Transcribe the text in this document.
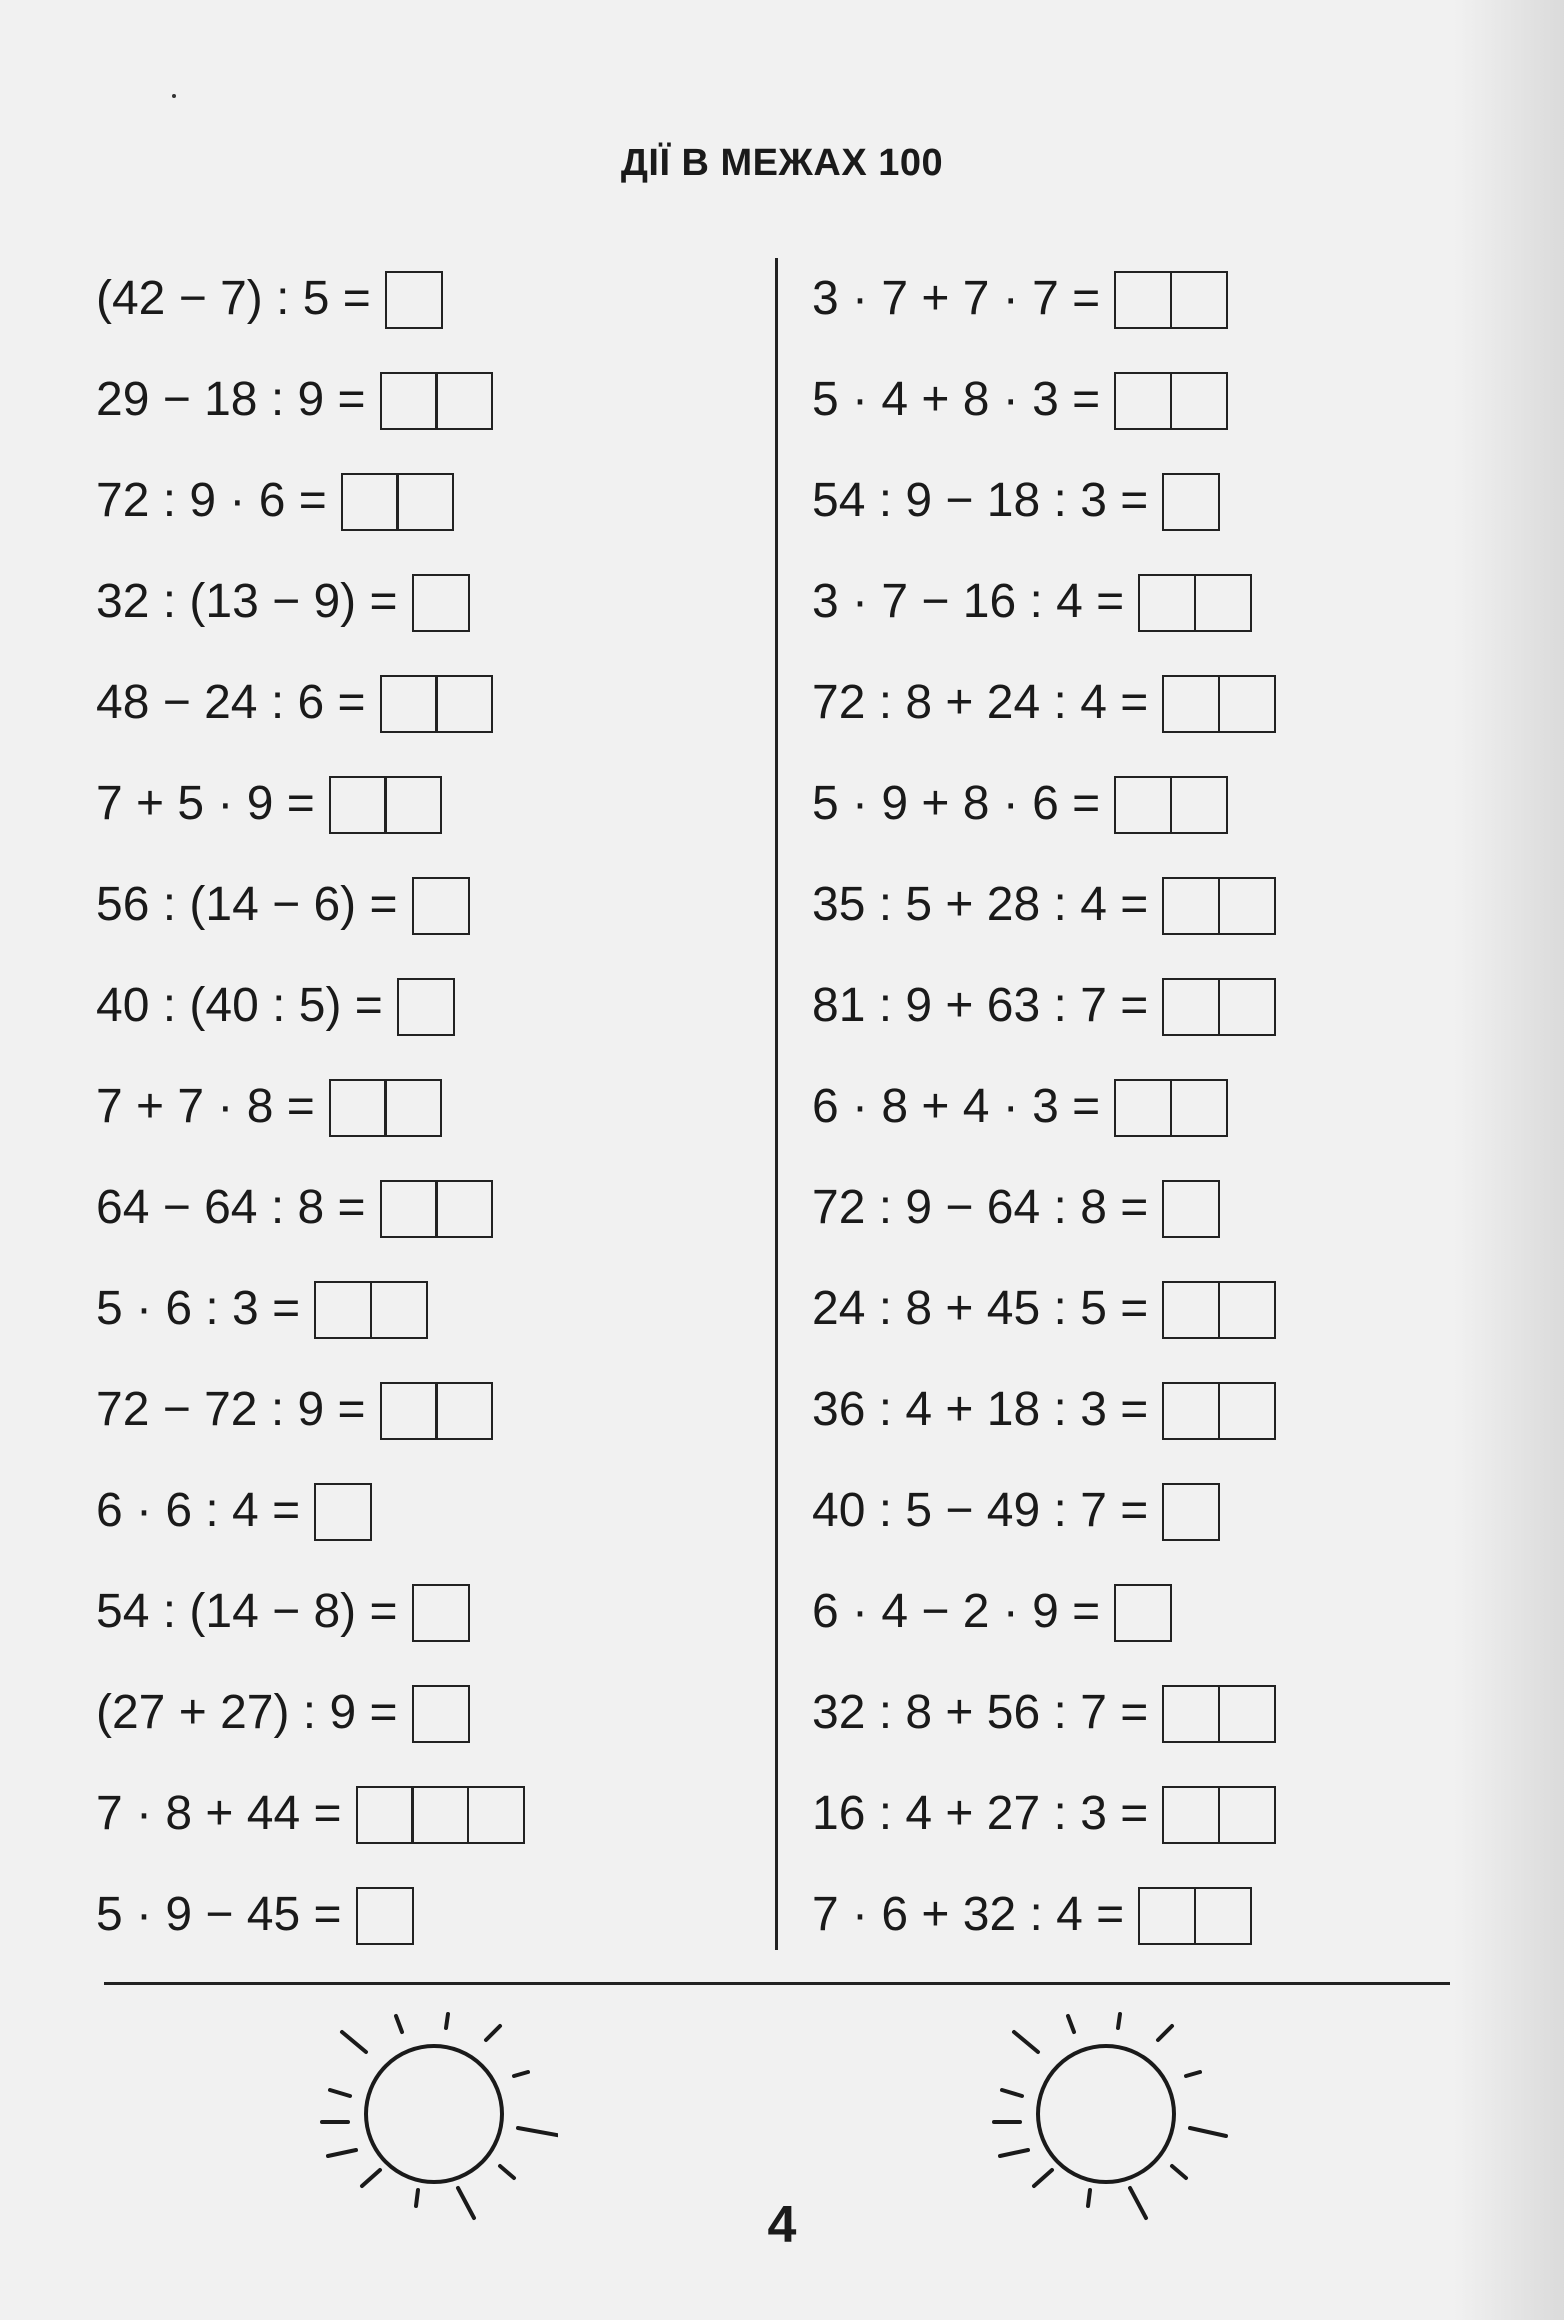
ДІЇ В МЕЖАХ 100
(42 − 7) : 5 =
29 − 18 : 9 =
72 : 9 · 6 =
32 : (13 − 9) =
48 − 24 : 6 =
7 + 5 · 9 =
56 : (14 − 6) =
40 : (40 : 5) =
7 + 7 · 8 =
64 − 64 : 8 =
5 · 6 : 3 =
72 − 72 : 9 =
6 · 6 : 4 =
54 : (14 − 8) =
(27 + 27) : 9 =
7 · 8 + 44 =
5 · 9 − 45 =
3 · 7 + 7 · 7 =
5 · 4 + 8 · 3 =
54 : 9 − 18 : 3 =
3 · 7 − 16 : 4 =
72 : 8 + 24 : 4 =
5 · 9 + 8 · 6 =
35 : 5 + 28 : 4 =
81 : 9 + 63 : 7 =
6 · 8 + 4 · 3 =
72 : 9 − 64 : 8 =
24 : 8 + 45 : 5 =
36 : 4 + 18 : 3 =
40 : 5 − 49 : 7 =
6 · 4 − 2 · 9 =
32 : 8 + 56 : 7 =
16 : 4 + 27 : 3 =
7 · 6 + 32 : 4 =
4
